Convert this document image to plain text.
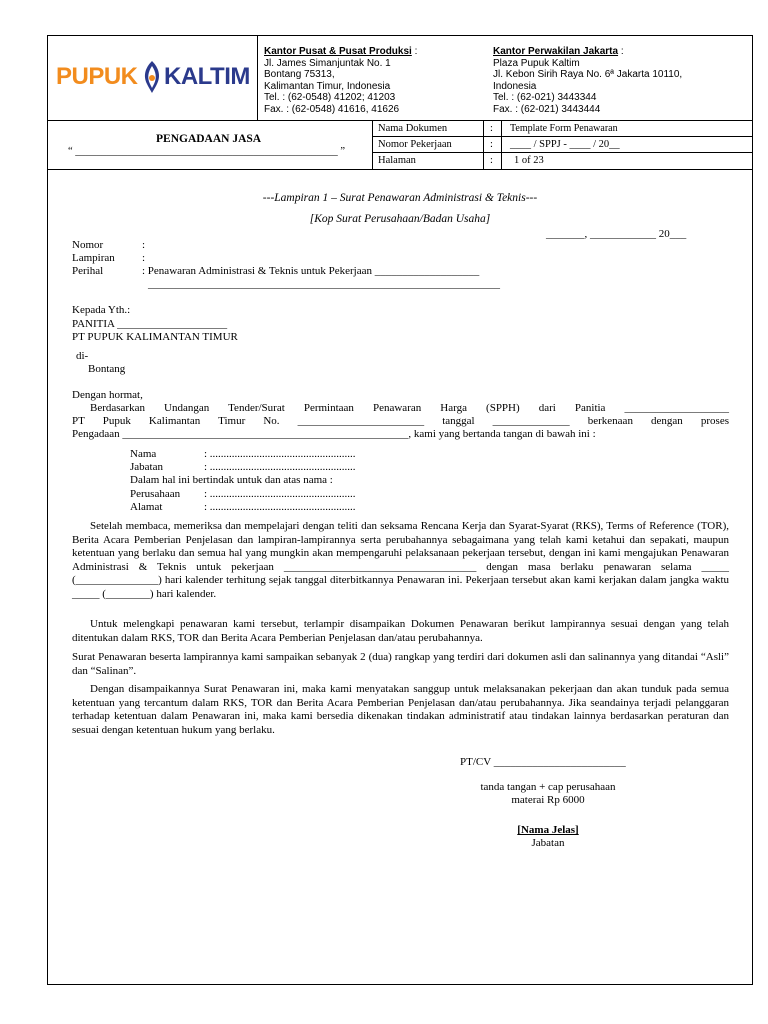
PUPUK KALTIM
Kantor Pusat & Pusat Produksi :
Jl. James Simanjuntak No. 1
Bontang 75313,
Kalimantan Timur, Indonesia
Tel. : (62-0548) 41202; 41203
Fax. : (62-0548) 41616, 41626
Kantor Perwakilan Jakarta :
Plaza Pupuk Kaltim
Jl. Kebon Sirih Raya No. 6ª Jakarta 10110,
Indonesia
Tel. : (62-021) 3443344
Fax. : (62-021) 3443444
PENGADAAN JASA
“ __________________________________________________ ”
Nama Dokumen	: Template Form Penawaran
Nomor Pekerjaan	: ____ / SPPJ - ____ / 20__
Halaman	: 1 of 23
---Lampiran 1 – Surat Penawaran Administrasi & Teknis---
[Kop Surat Perusahaan/Badan Usaha]
_______, ____________ 20___
Nomor	:
Lampiran :
Perihal	: Penawaran Administrasi & Teknis untuk Pekerjaan ___________________
________________________________________________________________
Kepada Yth.:
PANITIA ____________________
PT PUPUK KALIMANTAN TIMUR
di-
Bontang
Dengan hormat,
Berdasarkan Undangan Tender/Surat Permintaan Penawaran Harga (SPPH) dari Panitia ___________________
PT Pupuk Kalimantan Timur No. _______________________ tanggal ______________ berkenaan dengan proses
Pengadaan ____________________________________________________, kami yang bertanda tangan di bawah ini :
Nama	: .....................................................
Jabatan	: .....................................................
Dalam hal ini bertindak untuk dan atas nama :
Perusahaan : .....................................................
Alamat	: .....................................................
Setelah membaca, memeriksa dan mempelajari dengan teliti dan seksama Rencana Kerja dan Syarat-Syarat (RKS), Terms of Reference (TOR), Berita Acara Pemberian Penjelasan dan lampiran-lampirannya serta perubahannya sebagaimana yang telah kami ketahui dan sepakati, maupun ketentuan yang berlaku dan semua hal yang mungkin akan mempengaruhi pelaksanaan pekerjaan tersebut, dengan ini kami mengajukan Penawaran Administrasi & Teknis untuk pekerjaan ___________________________________ dengan masa berlaku penawaran selama _____ (_______________) hari kalender terhitung sejak tanggal diterbitkannya Penawaran ini. Pekerjaan tersebut akan kami kerjakan dalam jangka waktu _____ (________) hari kalender.
Untuk melengkapi penawaran kami tersebut, terlampir disampaikan Dokumen Penawaran berikut lampirannya sesuai dengan yang telah ditentukan dalam RKS, TOR dan Berita Acara Pemberian Penjelasan dan/atau perubahannya.
Surat Penawaran beserta lampirannya kami sampaikan sebanyak 2 (dua) rangkap yang terdiri dari dokumen asli dan salinannya yang ditandai “Asli” dan “Salinan”.
Dengan disampaikannya Surat Penawaran ini, maka kami menyatakan sanggup untuk melaksanakan pekerjaan dan akan tunduk pada semua ketentuan yang tercantum dalam RKS, TOR dan Berita Acara Pemberian Penjelasan dan/atau perubahannya. Jika seandainya terjadi pelanggaran terhadap ketentuan dalam Penawaran ini, maka kami bersedia dikenakan tindakan administratif atau tindakan lainnya berdasarkan peraturan dan sesuai dengan ketentuan hukum yang berlaku.
PT/CV ________________________
tanda tangan + cap perusahaan
materai Rp 6000
[Nama Jelas]
Jabatan
